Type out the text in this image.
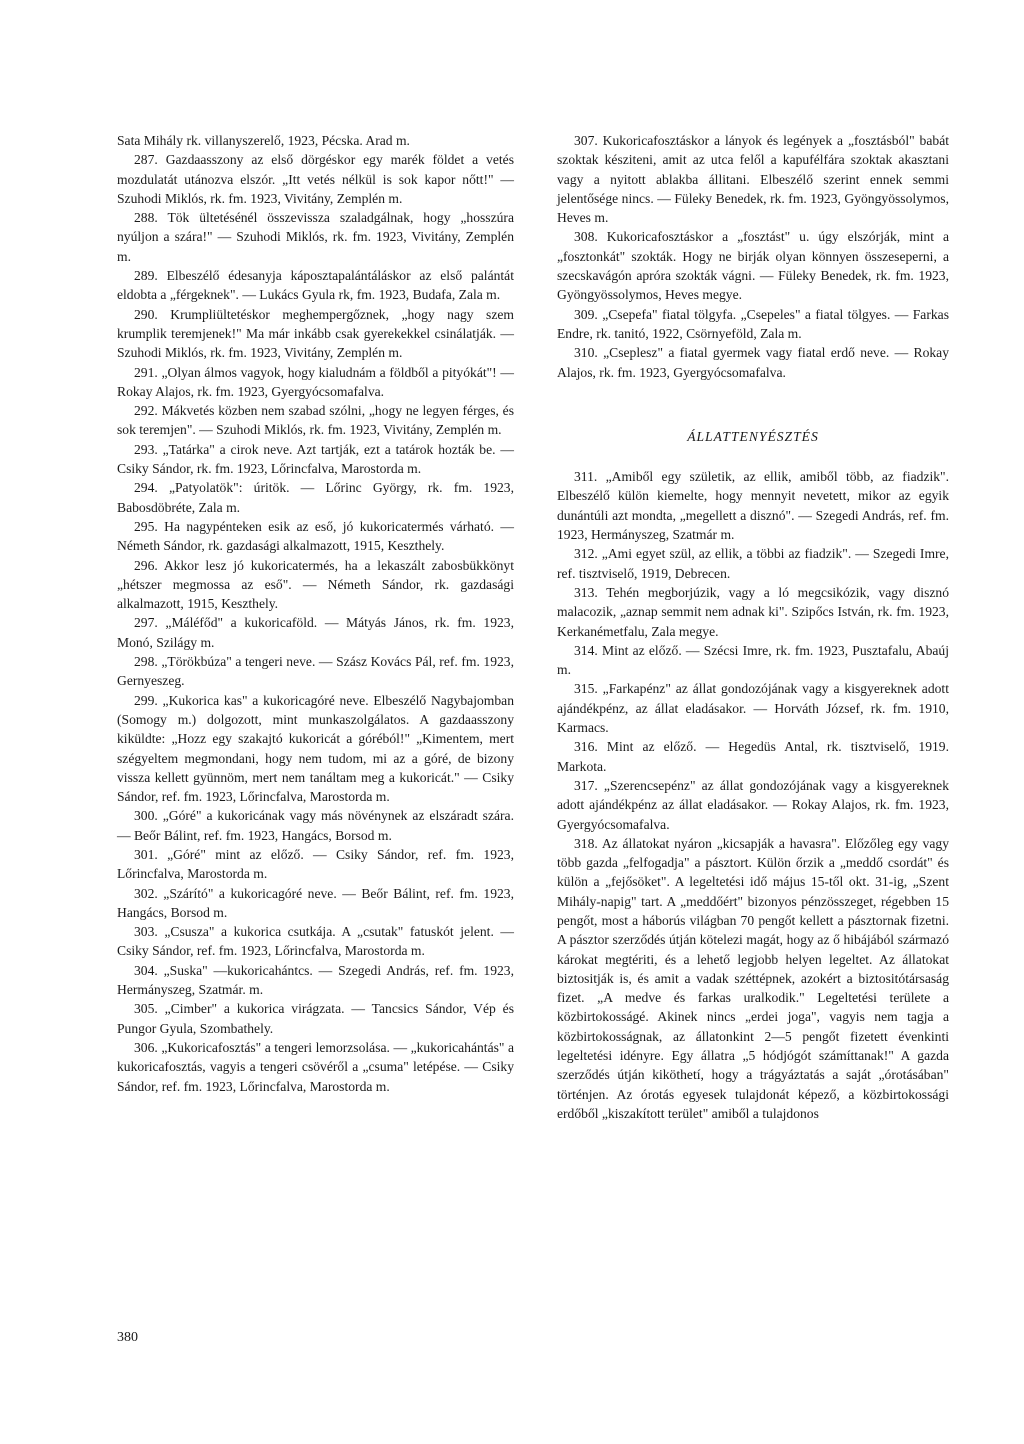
Sata Mihály rk. villanyszerelő, 1923, Pécska. Arad m.

287. Gazdaasszony az első dörgéskor egy marék földet a vetés mozdulatát utánozva elszór. „Itt vetés nélkül is sok kapor nőtt!" — Szuhodi Miklós, rk. fm. 1923, Vivitány, Zemplén m.

288. Tök ültetésénél összevissza szaladgálnak, hogy „hosszúra nyúljon a szára!" — Szuhodi Miklós, rk. fm. 1923, Vivitány, Zemplén m.

289. Elbeszélő édesanyja káposztapalántáláskor az első palántát eldobta a „férgeknek". — Lukács Gyula rk, fm. 1923, Budafa, Zala m.

290. Krumpliültetéskor meghempergőznek, „hogy nagy szem krumplik teremjenek!" Ma már inkább csak gyerekekkel csinálatják. — Szuhodi Miklós, rk. fm. 1923, Vivitány, Zemplén m.

291. „Olyan álmos vagyok, hogy kialudnám a földből a pityókát"! — Rokay Alajos, rk. fm. 1923, Gyergyócsomafalva.

292. Mákvetés közben nem szabad szólni, „hogy ne legyen férges, és sok teremjen". — Szuhodi Miklós, rk. fm. 1923, Vivitány, Zemplén m.

293. „Tatárka" a cirok neve. Azt tartják, ezt a tatárok hozták be. — Csiky Sándor, rk. fm. 1923, Lőrincfalva, Marostorda m.

294. „Patyolatök": úritök. — Lőrinc György, rk. fm. 1923, Babosdöbréte, Zala m.

295. Ha nagypénteken esik az eső, jó kukoricatermés várható. — Németh Sándor, rk. gazdasági alkalmazott, 1915, Keszthely.

296. Akkor lesz jó kukoricatermés, ha a lekaszált zabosbükkönyt „hétszer megmossa az eső". — Németh Sándor, rk. gazdasági alkalmazott, 1915, Keszthely.

297. „Máléfőd" a kukoricaföld. — Mátyás János, rk. fm. 1923, Monó, Szilágy m.

298. „Törökbúza" a tengeri neve. — Szász Kovács Pál, ref. fm. 1923, Gernyeszeg.

299. „Kukorica kas" a kukoricagóré neve. Elbeszélő Nagybajomban (Somogy m.) dolgozott, mint munkaszolgálatos. A gazdaasszony kiküldte: „Hozz egy szakajtó kukoricát a góréból!" „Kimentem, mert szégyeltem megmondani, hogy nem tudom, mi az a góré, de bizony vissza kellett gyünnöm, mert nem tanáltam meg a kukoricát." — Csiky Sándor, ref. fm. 1923, Lőrincfalva, Marostorda m.

300. „Góré" a kukoricának vagy más növénynek az elszáradt szára. — Beőr Bálint, ref. fm. 1923, Hangács, Borsod m.

301. „Góré" mint az előző. — Csiky Sándor, ref. fm. 1923, Lőrincfalva, Marostorda m.

302. „Szárító" a kukoricagóré neve. — Beőr Bálint, ref. fm. 1923, Hangács, Borsod m.

303. „Csusza" a kukorica csutkája. A „csutak" fatuskót jelent. — Csiky Sándor, ref. fm. 1923, Lőrincfalva, Marostorda m.

304. „Suska" —kukoricahántcs. — Szegedi András, ref. fm. 1923, Hermányszeg, Szatmár. m.

305. „Cimber" a kukorica virágzata. — Tancsics Sándor, Vép és Pungor Gyula, Szombathely.

306. „Kukoricafosztás" a tengeri lemorzsolása. — „kukoricahántás" a kukoricafosztás, vagyis a tengeri csövéről a „csuma" letépése. — Csiky Sándor, ref. fm. 1923, Lőrincfalva, Marostorda m.

307. Kukoricafosztáskor a lányok és legények a „fosztásból" babát szoktak késziteni, amit az utca felől a kapufélfára szoktak akasztani vagy a nyitott ablakba állitani. Elbeszélő szerint ennek semmi jelentősége nincs. — Füleky Benedek, rk. fm. 1923, Gyöngyössolymos, Heves m.

308. Kukoricafosztáskor a „fosztást" u. úgy elszórják, mint a „fosztonkát" szokták. Hogy ne birják olyan könnyen összeseperni, a szecskavágón apróra szokták vágni. — Füleky Benedek, rk. fm. 1923, Gyöngyössolymos, Heves megye.

309. „Csepefa" fiatal tölgyfa. „Csepeles" a fiatal tölgyes. — Farkas Endre, rk. tanitó, 1922, Csörnyeföld, Zala m.

310. „Cseplesz" a fiatal gyermek vagy fiatal erdő neve. — Rokay Alajos, rk. fm. 1923, Gyergyócsomafalva.

ÁLLATTENYÉSZTÉS

311. „Amiből egy születik, az ellik, amiből több, az fiadzik". Elbeszélő külön kiemelte, hogy mennyit nevetett, mikor az egyik dunántúli azt mondta, „megellett a disznó". — Szegedi András, ref. fm. 1923, Hermányszeg, Szatmár m.

312. „Ami egyet szül, az ellik, a többi az fiadzik". — Szegedi Imre, ref. tisztviselő, 1919, Debrecen.

313. Tehén megborjúzik, vagy a ló megcsikózik, vagy disznó malacozik, „aznap semmit nem adnak ki". Szipőcs István, rk. fm. 1923, Kerkanémetfalu, Zala megye.

314. Mint az előző. — Szécsi Imre, rk. fm. 1923, Pusztafalu, Abaúj m.

315. „Farkapénz" az állat gondozójának vagy a kisgyereknek adott ajándékpénz, az állat eladásakor. — Horváth József, rk. fm. 1910, Karmacs.

316. Mint az előző. — Hegedüs Antal, rk. tisztviselő, 1919. Markota.

317. „Szerencsepénz" az állat gondozójának vagy a kisgyereknek adott ajándékpénz az állat eladásakor. — Rokay Alajos, rk. fm. 1923, Gyergyócsomafalva.

318. Az állatokat nyáron „kicsapják a havasra". Előzőleg egy vagy több gazda „felfogadja" a pásztort. Külön őrzik a „meddő csordát" és külön a „fejősöket". A legeltetési idő május 15-től okt. 31-ig, „Szent Mihály-napig" tart. A „meddőért" bizonyos pénzösszeget, régebben 15 pengőt, most a háborús világban 70 pengőt kellett a pásztornak fizetni. A pásztor szerződés útján kötelezi magát, hogy az ő hibájából származó károkat megtériti, és a lehető legjobb helyen legeltet. Az állatokat biztositják is, és amit a vadak széttépnek, azokért a biztositótársaság fizet. „A medve és farkas uralkodik." Legeltetési területe a közbirtokosságé. Akinek nincs „erdei joga", vagyis nem tagja a közbirtokosságnak, az állatonkint 2—5 pengőt fizetett évenkinti legeltetési idényre. Egy állatra „5 hódjógót számíttanak!" A gazda szerződés útján kiköthetí, hogy a trágyáztatás a saját „órotásában" történjen. Az órotás egyesek tulajdonát képező, a közbirtokossági erdőből „kiszakított terület" amiből a tulajdonos

380
